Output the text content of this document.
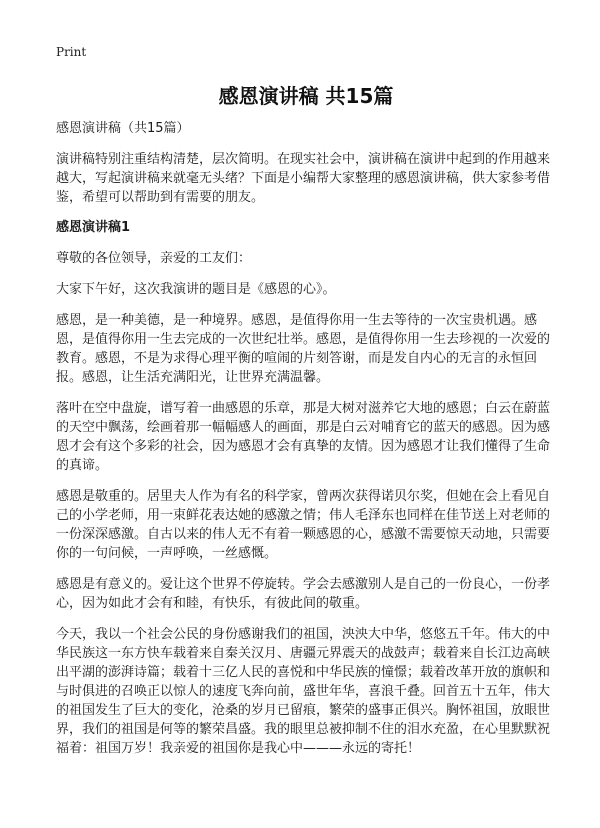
Print
感恩演讲稿 共15篇
感恩演讲稿（共15篇）
演讲稿特别注重结构清楚，层次简明。在现实社会中，演讲稿在演讲中起到的作用越来越大，写起演讲稿来就毫无头绪？下面是小编帮大家整理的感恩演讲稿，供大家参考借鉴，希望可以帮助到有需要的朋友。
感恩演讲稿1
尊敬的各位领导，亲爱的工友们：
大家下午好，这次我演讲的题目是《感恩的心》。
感恩，是一种美德，是一种境界。感恩，是值得你用一生去等待的一次宝贵机遇。感恩，是值得你用一生去完成的一次世纪壮举。感恩，是值得你用一生去珍视的一次爱的教育。感恩，不是为求得心理平衡的喧闹的片刻答谢，而是发自内心的无言的永恒回报。感恩，让生活充满阳光，让世界充满温馨。
落叶在空中盘旋，谱写着一曲感恩的乐章，那是大树对滋养它大地的感恩；白云在蔚蓝的天空中飘荡，绘画着那一幅幅感人的画面，那是白云对哺育它的蓝天的感恩。因为感恩才会有这个多彩的社会，因为感恩才会有真挚的友情。因为感恩才让我们懂得了生命的真谛。
感恩是敬重的。居里夫人作为有名的科学家，曾两次获得诺贝尔奖，但她在会上看见自己的小学老师，用一束鲜花表达她的感激之情；伟人毛泽东也同样在佳节送上对老师的一份深深感激。自古以来的伟人无不有着一颗感恩的心，感激不需要惊天动地，只需要你的一句问候，一声呼唤，一丝感慨。
感恩是有意义的。爱让这个世界不停旋转。学会去感激别人是自己的一份良心，一份孝心，因为如此才会有和睦，有快乐，有彼此间的敬重。
今天，我以一个社会公民的身份感谢我们的祖国，泱泱大中华，悠悠五千年。伟大的中华民族这一东方快车载着来自秦关汉月、唐疆元界震天的战鼓声；载着来自长江边高峡出平湖的澎湃诗篇；载着十三亿人民的喜悦和中华民族的憧憬；载着改革开放的旗帜和与时俱进的召唤正以惊人的速度飞奔向前，盛世年华，喜浪千叠。回首五十五年，伟大的祖国发生了巨大的变化，沧桑的岁月已留痕，繁荣的盛事正俱兴。胸怀祖国，放眼世界，我们的祖国是何等的繁荣昌盛。我的眼里总被抑制不住的泪水充盈，在心里默默祝福着：祖国万岁！我亲爱的祖国你是我心中———永远的寄托！
